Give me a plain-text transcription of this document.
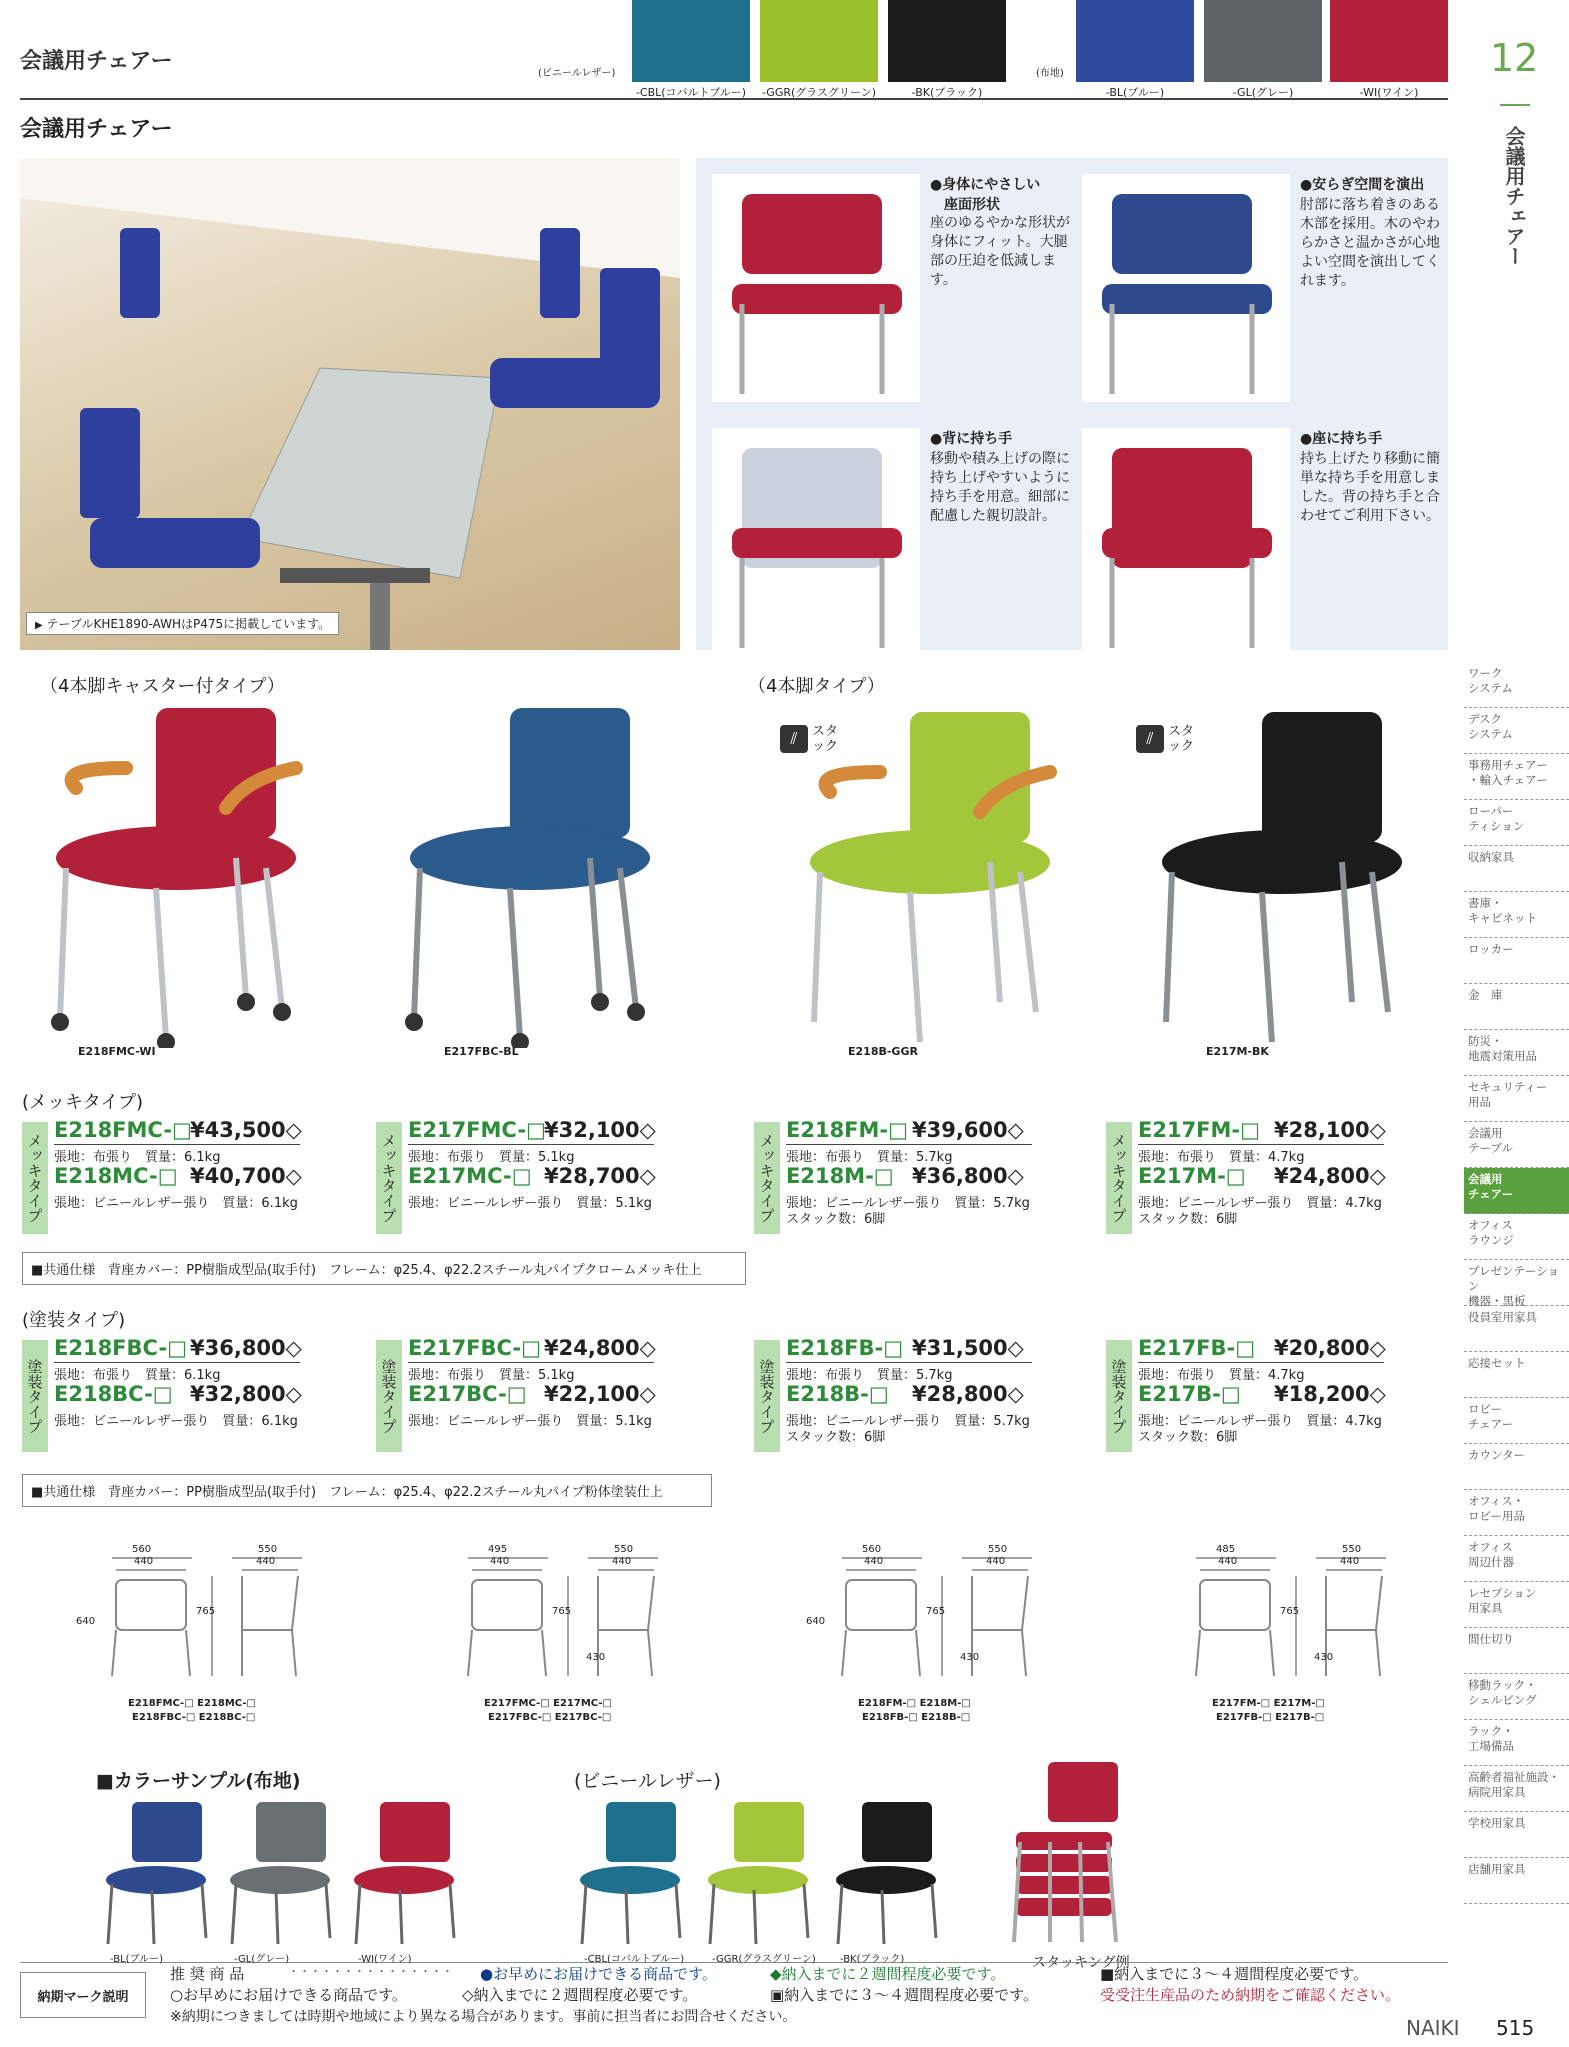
会議用チェアー	(ビニールレザー)	(布地)
会議用チェアー
12
会議用チェアー
▶ テーブルKHE1890-AWHはP475に掲載しています。
（4本脚キャスター付タイプ）	（4本脚タイプ）
⫽	スタック	⫽	スタック
(メッキタイプ)
■共通仕様　背座カバー：PP樹脂成型品(取手付)　フレーム：φ25.4、φ22.2スチール丸パイプクロームメッキ仕上
(塗装タイプ)
■共通仕様　背座カバー：PP樹脂成型品(取手付)　フレーム：φ25.4、φ22.2スチール丸パイプ粉体塗装仕上
■カラーサンプル(布地)	(ビニールレザー)
スタッキング例
納期マーク説明
推 奨 商 品	・・・・・・・・・・・・・・・ ●お早めにお届けできる商品です。	◆納入までに２週間程度必要です。	■納入までに３～４週間程度必要です。
○お早めにお届けできる商品です。	◇納入までに２週間程度必要です。	▣納入までに３～４週間程度必要です。	受受注生産品のため納期をご確認ください。
※納期につきましては時期や地域により異なる場合があります。事前に担当者にお問合せください。	NAIKI 515
-CBL(コバルトブルー)	-GGR(グラスグリーン)	-BK(ブラック)	-BL(ブルー)	-GL(グレー)	-WI(ワイン)
●身体にやさしい
　座面形状
座のゆるやかな形状が身体にフィット。大腿部の圧迫を低減します。
●安らぎ空間を演出
肘部に落ち着きのある木部を採用。木のやわらかさと温かさが心地よい空間を演出してくれます。
●背に持ち手
移動や積み上げの際に持ち上げやすいように持ち手を用意。細部に配慮した親切設計。
●座に持ち手
持ち上げたり移動に簡単な持ち手を用意しました。背の持ち手と合わせてご利用下さい。
E218FMC-WI	E217FBC-BL	E218B-GGR	E217M-BK
メッキタイプ
E218FMC-□
¥43,500◇
張地：布張り　質量：6.1kg
E218MC-□ ¥40,700◇
張地：ビニールレザー張り　質量：6.1kg	メッキタイプ
E217FMC-□
¥32,100◇
張地：布張り　質量：5.1kg
E217MC-□ ¥28,700◇
張地：ビニールレザー張り　質量：5.1kg	メッキタイプ
E218FM-□ ¥39,600◇
張地：布張り　質量：5.7kg
E218M-□ ¥36,800◇
張地：ビニールレザー張り　質量：5.7kg
スタック数：6脚	メッキタイプ
E217FM-□ ¥28,100◇
張地：布張り　質量：4.7kg
E217M-□ ¥24,800◇
張地：ビニールレザー張り　質量：4.7kg
スタック数：6脚
塗装タイプ
E218FBC-□ ¥36,800◇
張地：布張り　質量：6.1kg
E218BC-□ ¥32,800◇
張地：ビニールレザー張り　質量：6.1kg	塗装タイプ
E217FBC-□ ¥24,800◇
張地：布張り　質量：5.1kg
E217BC-□ ¥22,100◇
張地：ビニールレザー張り　質量：5.1kg	塗装タイプ
E218FB-□ ¥31,500◇
張地：布張り　質量：5.7kg
E218B-□ ¥28,800◇
張地：ビニールレザー張り　質量：5.7kg
スタック数：6脚
塗装タイプ
E217FB-□ ¥20,800◇
張地：布張り　質量：4.7kg
E217B-□ ¥18,200◇
張地：ビニールレザー張り　質量：4.7kg
スタック数：6脚
560
440
550
440
640
765
E218FMC-□ E218MC-□
E218FBC-□ E218BC-□
495
440
550
440
765
430
E217FMC-□ E217MC-□
E217FBC-□ E217BC-□
560
440
550
440
640
765
430
E218FM-□ E218M-□
E218FB-□ E218B-□
485
440
550
440
765
430
E217FM-□ E217M-□
E217FB-□ E217B-□
-BL(ブルー)	-GL(グレー)	-WI(ワイン)	-CBL(コバルトブルー)	-GGR(グラスグリーン) -BK(ブラック)
ワーク
システム
デスク
システム
事務用チェアー
・輸入チェアー
ローパー
ティション
収納家具
書庫・
キャビネット
ロッカー
金　庫
防災・
地震対策用品
セキュリティー
用品
会議用
テーブル
会議用
チェアー
オフィス
ラウンジ
プレゼンテーション
機器・黒板
役員室用家具
応接セット
ロビー
チェアー
カウンター
オフィス・
ロビー用品
オフィス
周辺什器
レセプション
用家具
間仕切り
移動ラック・
シェルビング
ラック・
工場備品
高齢者福祉施設・
病院用家具
学校用家具
店舗用家具
